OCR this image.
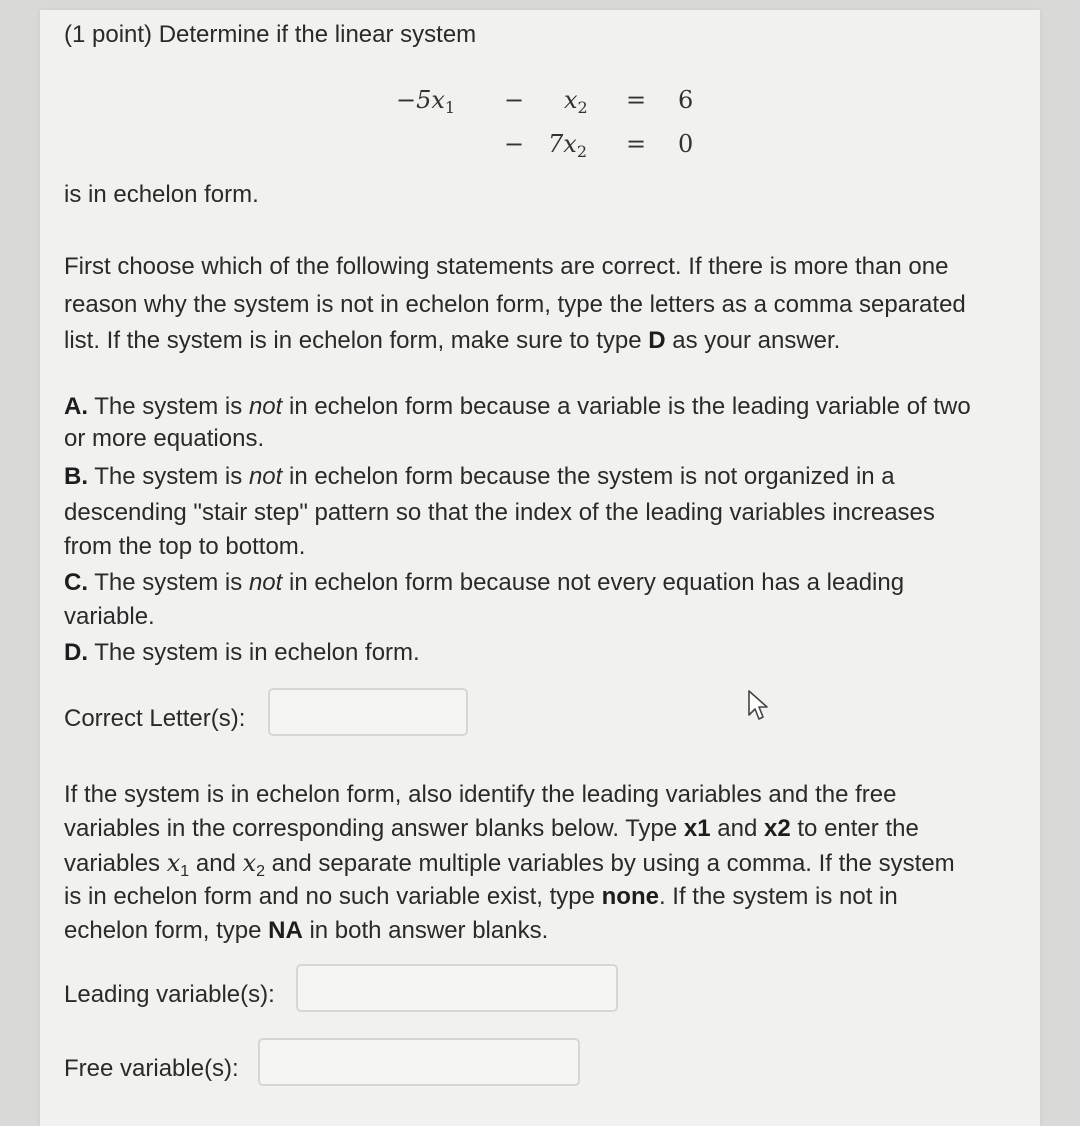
(1 point) Determine if the linear system
−5𝑥$_1$ − 𝑥$_2$ = 6
− 7𝑥$_2$ = 0
is in echelon form.
First choose which of the following statements are correct. If there is more than one
reason why the system is not in echelon form, type the letters as a comma separated
list. If the system is in echelon form, make sure to type D as your answer.
A. The system is not in echelon form because a variable is the leading variable of two
or more equations.
B. The system is not in echelon form because the system is not organized in a
descending "stair step" pattern so that the index of the leading variables increases
from the top to bottom.
C. The system is not in echelon form because not every equation has a leading
variable.
D. The system is in echelon form.
Correct Letter(s):
If the system is in echelon form, also identify the leading variables and the free
variables in the corresponding answer blanks below. Type x1 and x2 to enter the
variables 𝑥$_1$ and 𝑥$_2$ and separate multiple variables by using a comma. If the system
is in echelon form and no such variable exist, type none. If the system is not in
echelon form, type NA in both answer blanks.
Leading variable(s):
Free variable(s):
